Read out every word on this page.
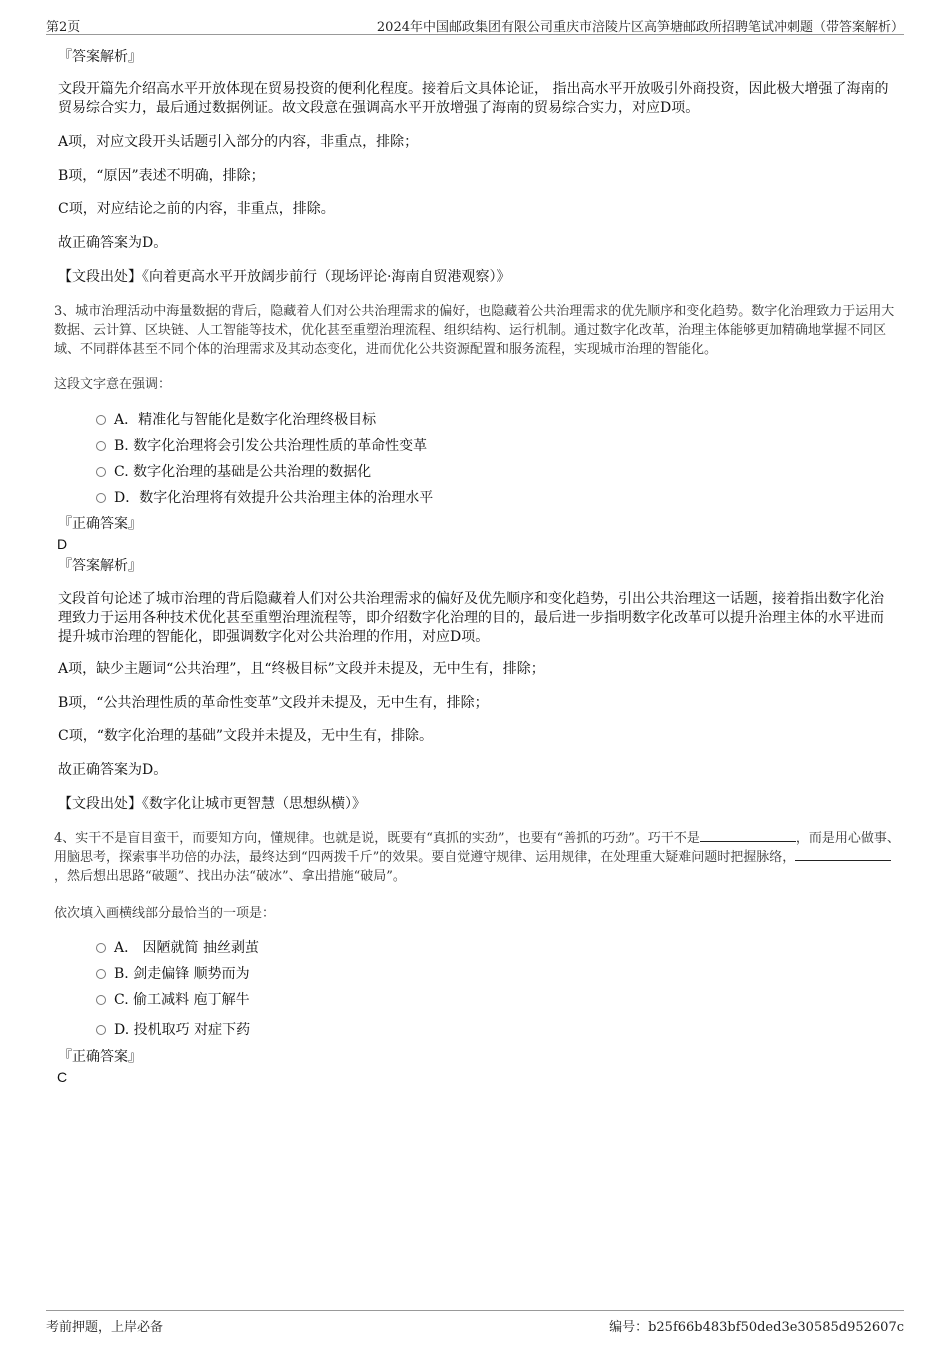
第2页	2024年中国邮政集团有限公司重庆市涪陵片区高笋塘邮政所招聘笔试冲刺题（带答案解析）
『答案解析』
文段开篇先介绍高水平开放体现在贸易投资的便利化程度。接着后文具体论证， 指出高水平开放吸引外商投资，因此极大增强了海南的贸易综合实力，最后通过数据例证。故文段意在强调高水平开放增强了海南的贸易综合实力，对应D项。
A项，对应文段开头话题引入部分的内容，非重点，排除；
B项，“原因”表述不明确，排除；
C项，对应结论之前的内容，非重点，排除。
故正确答案为D。
【文段出处】《向着更高水平开放阔步前行（现场评论·海南自贸港观察）》
3、城市治理活动中海量数据的背后，隐藏着人们对公共治理需求的偏好，也隐藏着公共治理需求的优先顺序和变化趋势。数字化治理致力于运用大数据、云计算、区块链、人工智能等技术，优化甚至重塑治理流程、组织结构、运行机制。通过数字化改革，治理主体能够更加精确地掌握不同区域、不同群体甚至不同个体的治理需求及其动态变化，进而优化公共资源配置和服务流程，实现城市治理的智能化。
这段文字意在强调：
A．精准化与智能化是数字化治理终极目标
B. 数字化治理将会引发公共治理性质的革命性变革
C. 数字化治理的基础是公共治理的数据化
D．数字化治理将有效提升公共治理主体的治理水平
『正确答案』
D
『答案解析』
文段首句论述了城市治理的背后隐藏着人们对公共治理需求的偏好及优先顺序和变化趋势，引出公共治理这一话题，接着指出数字化治理致力于运用各种技术优化甚至重塑治理流程等，即介绍数字化治理的目的，最后进一步指明数字化改革可以提升治理主体的水平进而提升城市治理的智能化，即强调数字化对公共治理的作用，对应D项。
A项，缺少主题词“公共治理”，且“终极目标”文段并未提及，无中生有，排除；
B项，“公共治理性质的革命性变革”文段并未提及，无中生有，排除；
C项，“数字化治理的基础”文段并未提及，无中生有，排除。
故正确答案为D。
【文段出处】《数字化让城市更智慧（思想纵横）》
4、实干不是盲目蛮干，而要知方向，懂规律。也就是说，既要有“真抓的实劲”，也要有“善抓的巧劲”。巧干不是	，而是用心做事、用脑思考，探索事半功倍的办法，最终达到“四两拨千斤”的效果。要自觉遵守规律、运用规律，在处理重大疑难问题时把握脉络，，然后想出思路“破题”、找出办法“破冰”、拿出措施“破局”。
依次填入画横线部分最恰当的一项是：
A． 因陋就简 抽丝剥茧
B. 剑走偏锋 顺势而为
C. 偷工减料 庖丁解牛
D. 投机取巧 对症下药
『正确答案』
C
考前押题，上岸必备	编号：b25f66b483bf50ded3e30585d952607c
